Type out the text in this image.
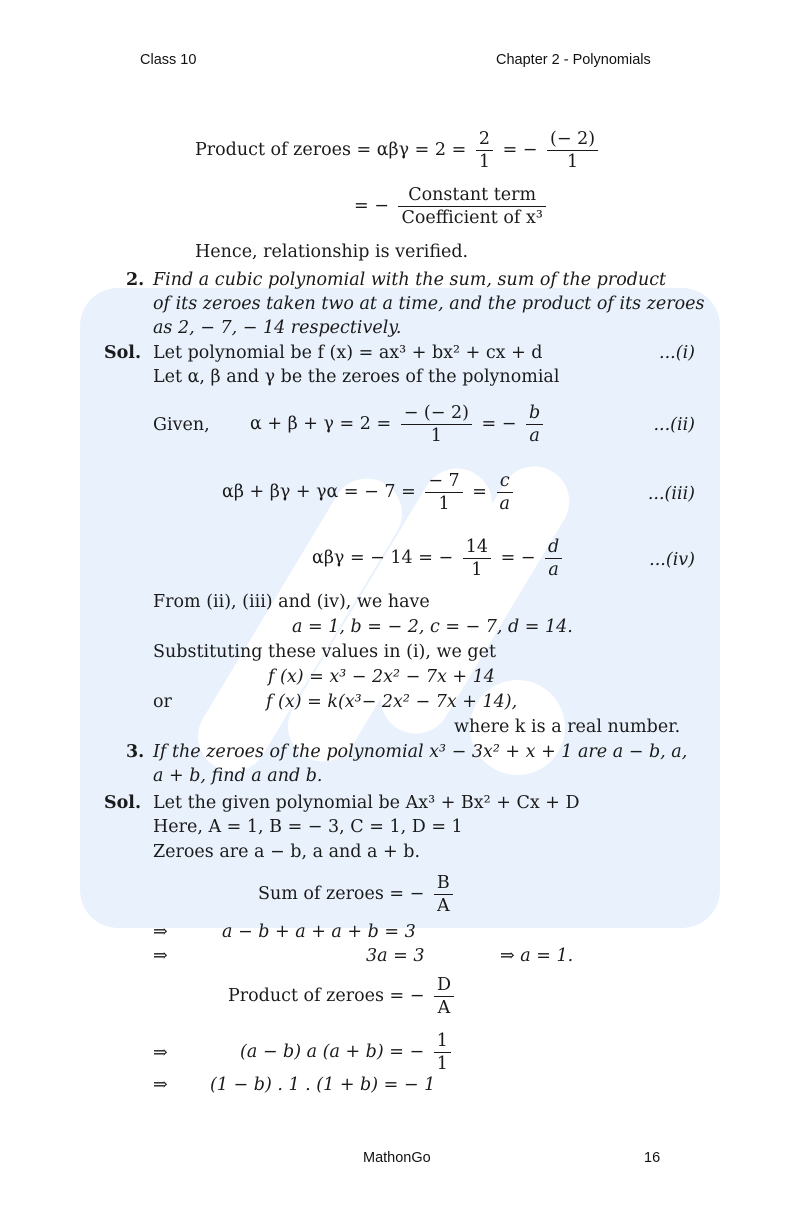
Class 10	Chapter 2 - Polynomials
Product of zeroes = $\alpha\beta\gamma = 2 = \frac{2}{1}$ = − $\frac{(- 2)}{1}$
= − $\frac{\text{Constant term}}{\text{Coefficient of x³}}$
Hence, relationship is verified.
2. Find a cubic polynomial with the sum, sum of the product
of its zeroes taken two at a time, and the product of its zeroes
as 2, − 7, − 14 respectively.
Sol. Let polynomial be f (x) = ax³ + bx² + cx + d	...(i)
Let α, β and γ be the zeroes of the polynomial
Given, $\alpha + \beta + \gamma = 2 = \frac{- (- 2)}{1}$ = − $\frac{b}{a}$	...(ii)
αβ + βγ + γα = − $7 = \frac{- 7}{1} = \frac{c}{a}$	...(iii)
αβγ = − 14 = − $\frac{14}{1}$ = − $\frac{d}{a}$	...(iv)
From (ii), (iii) and (iv), we have
a = 1, b = − 2, c = − 7, d = 14.
Substituting these values in (i), we get
f (x) = x³ − 2x² − 7x + 14
or	f (x) = k(x³− 2x² − 7x + 14),
where k is a real number.
3. If the zeroes of the polynomial x³ − 3x² + x + 1 are a − b, a,
a + b, find a and b.
Sol. Let the given polynomial be Ax³ + Bx² + Cx + D
Here, A = 1, B = − 3, C = 1, D = 1
Zeroes are a − b, a and a + b.
Sum of zeroes = − $\frac{B}{A}$
⇒	a − b + a + a + b = 3
⇒	3a = 3	⇒ a = 1.
Product of zeroes = − $\frac{D}{A}$
⇒	(a − b) a (a + b) = − $\frac{1}{1}$
⇒ (1 − b) . 1 . (1 + b) = − 1
MathonGo	16
